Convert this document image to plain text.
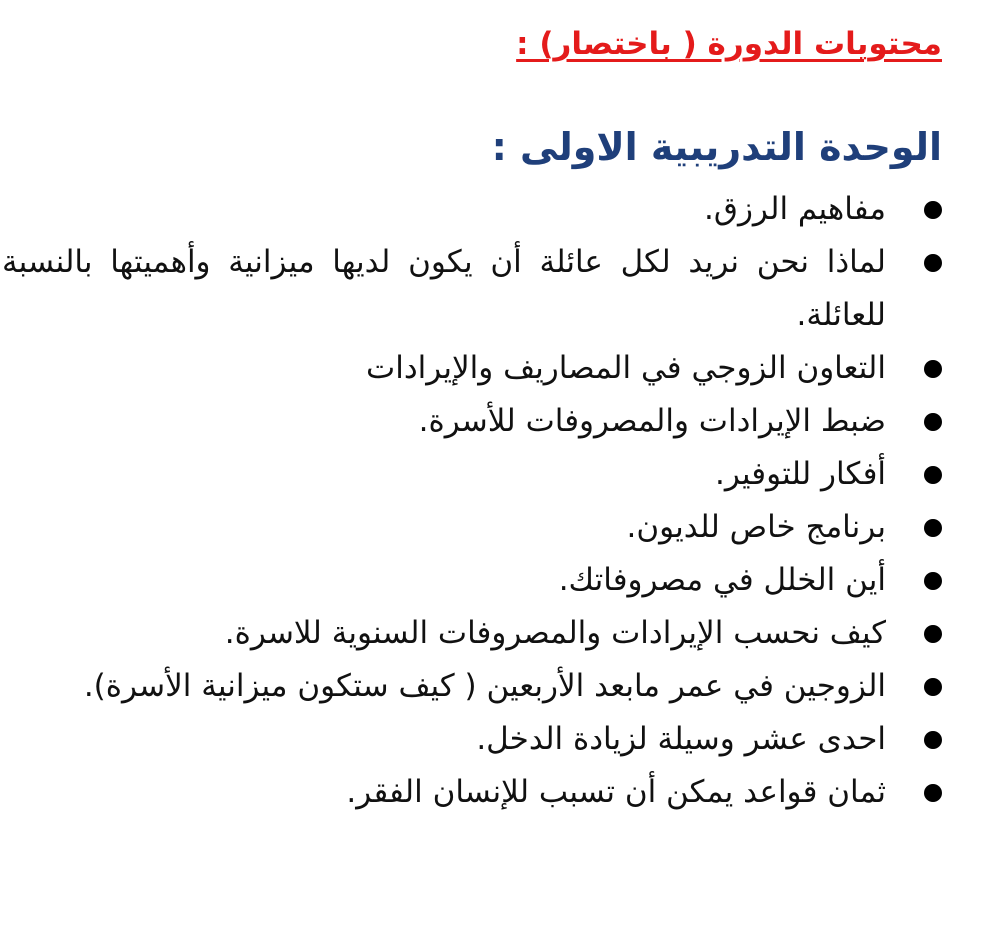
محتويات الدورة ( باختصار) :
الوحدة التدريبية الاولى :
مفاهيم الرزق.
لماذا نحن نريد لكل عائلة أن يكون لديها ميزانية وأهميتها بالنسبة للعائلة.
التعاون الزوجي في المصاريف والإيرادات
ضبط الإيرادات والمصروفات للأسرة.
أفكار للتوفير.
برنامج خاص للديون.
أين الخلل في مصروفاتك.
كيف نحسب الإيرادات والمصروفات السنوية للاسرة.
الزوجين في عمر مابعد الأربعين ( كيف ستكون ميزانية الأسرة).
احدى عشر وسيلة لزيادة الدخل.
ثمان قواعد يمكن أن تسبب للإنسان الفقر.
